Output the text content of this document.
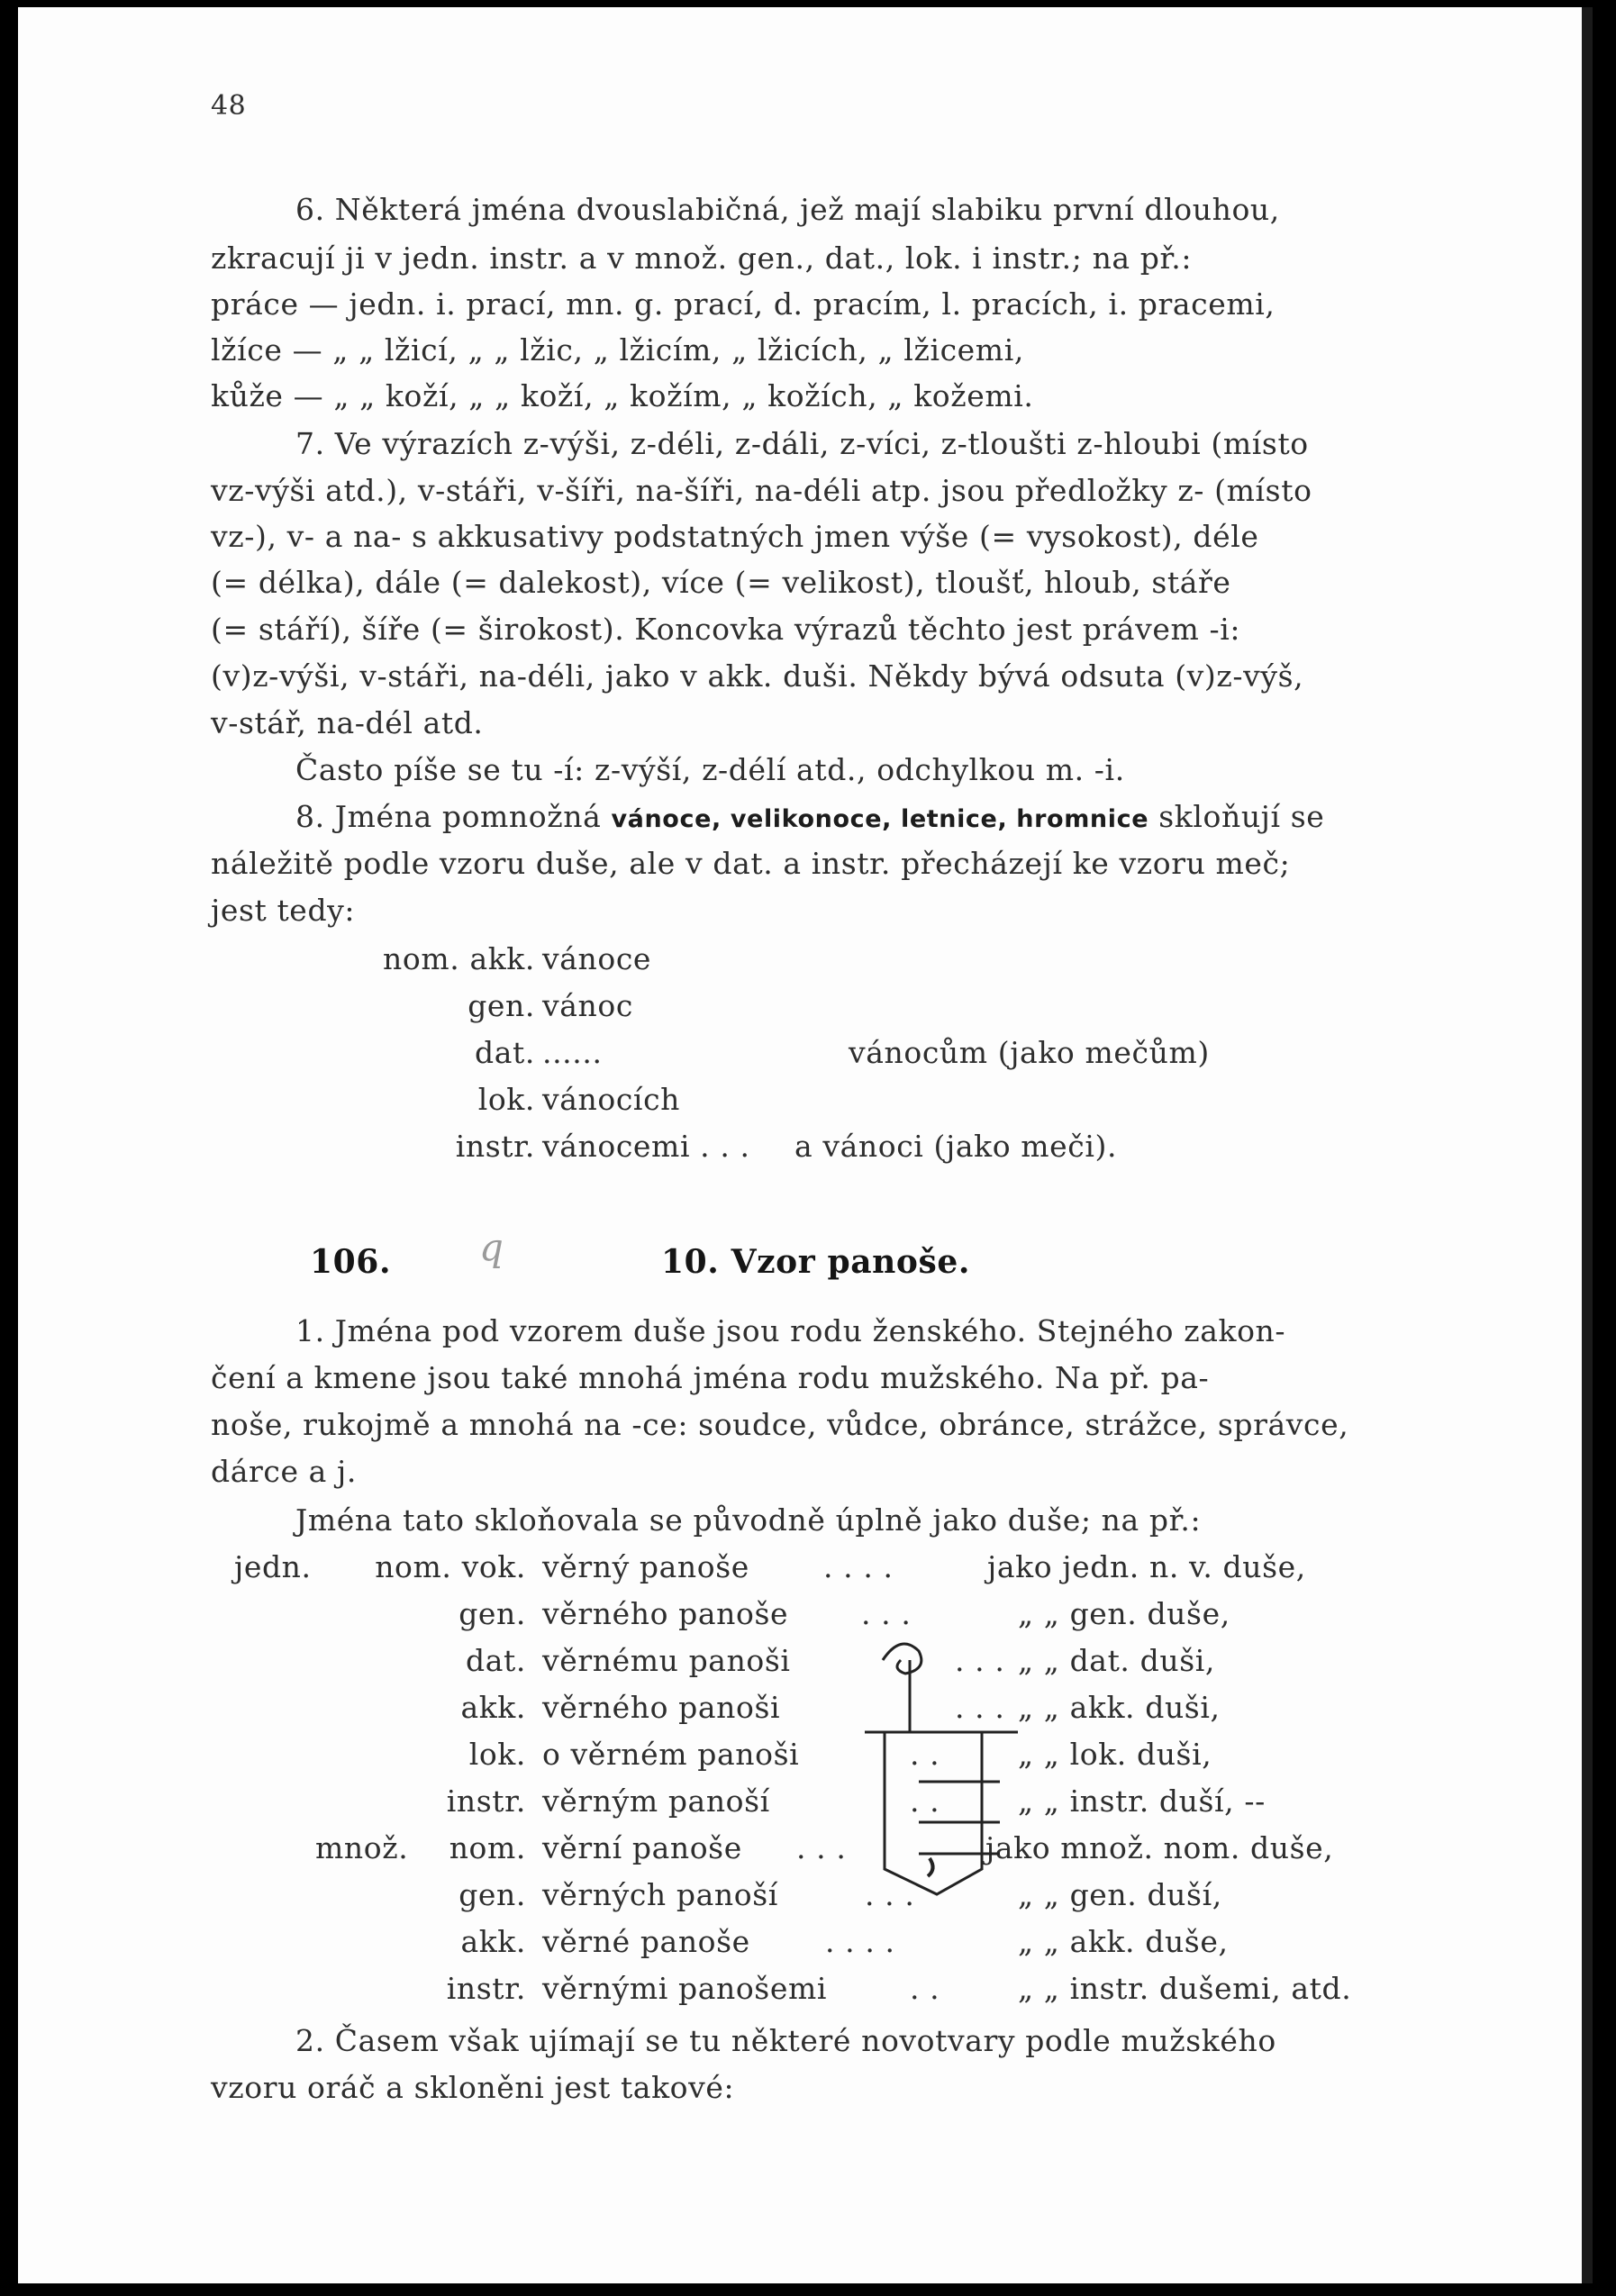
48
6. Některá jména dvouslabičná, jež mají slabiku první dlouhou,
zkracují ji v jedn. instr. a v množ. gen., dat., lok. i instr.; na př.:
práce — jedn. i. prací, mn. g. prací, d. pracím, l. pracích, i. pracemi,
lžíce — „ „ lžicí, „ „ lžic, „ lžicím, „ lžicích, „ lžicemi,
kůže — „ „ koží, „ „ koží, „ kožím, „ kožích, „ kožemi.
7. Ve výrazích z-výši, z-déli, z-dáli, z-víci, z-tloušti z-hloubi (místo
vz-výši atd.), v-stáři, v-šíři, na-šíři, na-déli atp. jsou předložky z- (místo
vz-), v- a na- s akkusativy podstatných jmen výše (= vysokost), déle
(= délka), dále (= dalekost), více (= velikost), tloušť, hloub, stáře
(= stáří), šíře (= širokost). Koncovka výrazů těchto jest právem -i:
(v)z-výši, v-stáři, na-déli, jako v akk. duši. Někdy bývá odsuta (v)z-výš,
v-stář, na-dél atd.
Často píše se tu -í: z-výší, z-délí atd., odchylkou m. -i.
8. Jména pomnožná vánoce, velikonoce, letnice, hromnice skloňují se
náležitě podle vzoru duše, ale v dat. a instr. přecházejí ke vzoru meč;
jest tedy:
nom. akk. vánoce
gen. vánoc
dat. ......	vánocům (jako mečům)
lok. vánocích
instr. vánocemi . . . a vánoci (jako meči).
106. q	10. Vzor panoše.
1. Jména pod vzorem duše jsou rodu ženského. Stejného zakon-
čení a kmene jsou také mnohá jména rodu mužského. Na př. pa-
noše, rukojmě a mnohá na -ce: soudce, vůdce, obránce, strážce, správce,
dárce a j.
Jména tato skloňovala se původně úplně jako duše; na př.:
jedn.	nom. vok. věrný panoše . . . .	jako jedn. n. v. duše,
gen. věrného panoše . . .	„ „ gen. duše,
dat. věrnému panoši	. . . „ „ dat. duši,
akk. věrného panoši	. . . „ „ akk. duši,
lok. o věrném panoši	. .	„ „ lok. duši,
instr. věrným panoší	. .	„ „ instr. duší, --
množ.	nom. věrní panoše . . .	jako množ. nom. duše,
gen. věrných panoší	. . .	„ „ gen. duší,
akk. věrné panoše	. . . .	„ „ akk. duše,
instr. věrnými panošemi	. .	„ „ instr. dušemi, atd.
2. Časem však ujímají se tu některé novotvary podle mužského
vzoru oráč a skloněni jest takové:
